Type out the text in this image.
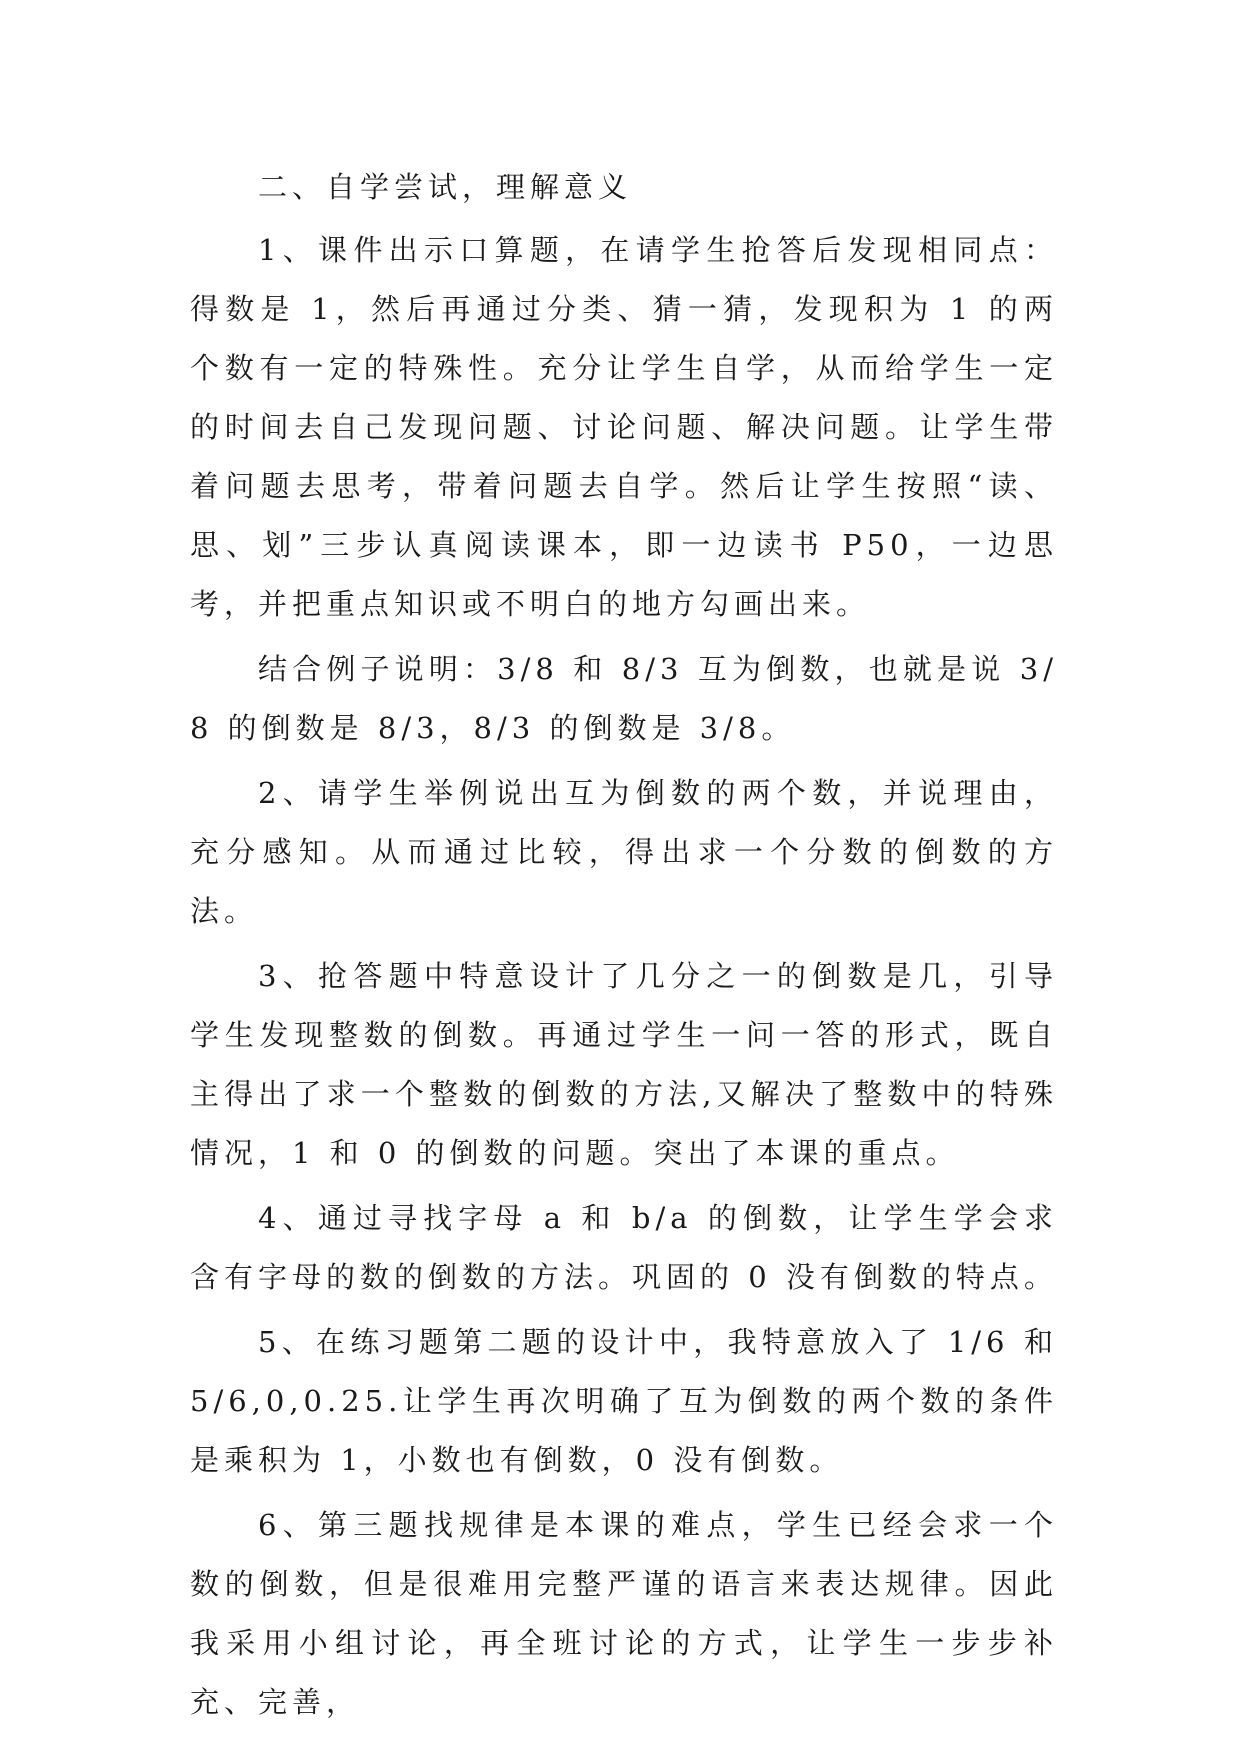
二、自学尝试，理解意义

1、课件出示口算题，在请学生抢答后发现相同点：得数是 1，然后再通过分类、猜一猜，发现积为 1 的两个数有一定的特殊性。充分让学生自学，从而给学生一定的时间去自己发现问题、讨论问题、解决问题。让学生带着问题去思考，带着问题去自学。然后让学生按照“读、思、划”三步认真阅读课本，即一边读书 P50，一边思考，并把重点知识或不明白的地方勾画出来。

结合例子说明：3/8 和 8/3 互为倒数，也就是说 3/8 的倒数是 8/3，8/3 的倒数是 3/8。

2、请学生举例说出互为倒数的两个数，并说理由，充分感知。从而通过比较，得出求一个分数的倒数的方法。

3、抢答题中特意设计了几分之一的倒数是几，引导学生发现整数的倒数。再通过学生一问一答的形式，既自主得出了求一个整数的倒数的方法,又解决了整数中的特殊情况，1 和 0 的倒数的问题。突出了本课的重点。

4、通过寻找字母 a 和 b/a 的倒数，让学生学会求含有字母的数的倒数的方法。巩固的 0 没有倒数的特点。

5、在练习题第二题的设计中，我特意放入了 1/6 和 5/6,0,0.25.让学生再次明确了互为倒数的两个数的条件是乘积为 1，小数也有倒数，0 没有倒数。

6、第三题找规律是本课的难点，学生已经会求一个数的倒数，但是很难用完整严谨的语言来表达规律。因此我采用小组讨论，再全班讨论的方式，让学生一步步补充、完善，
